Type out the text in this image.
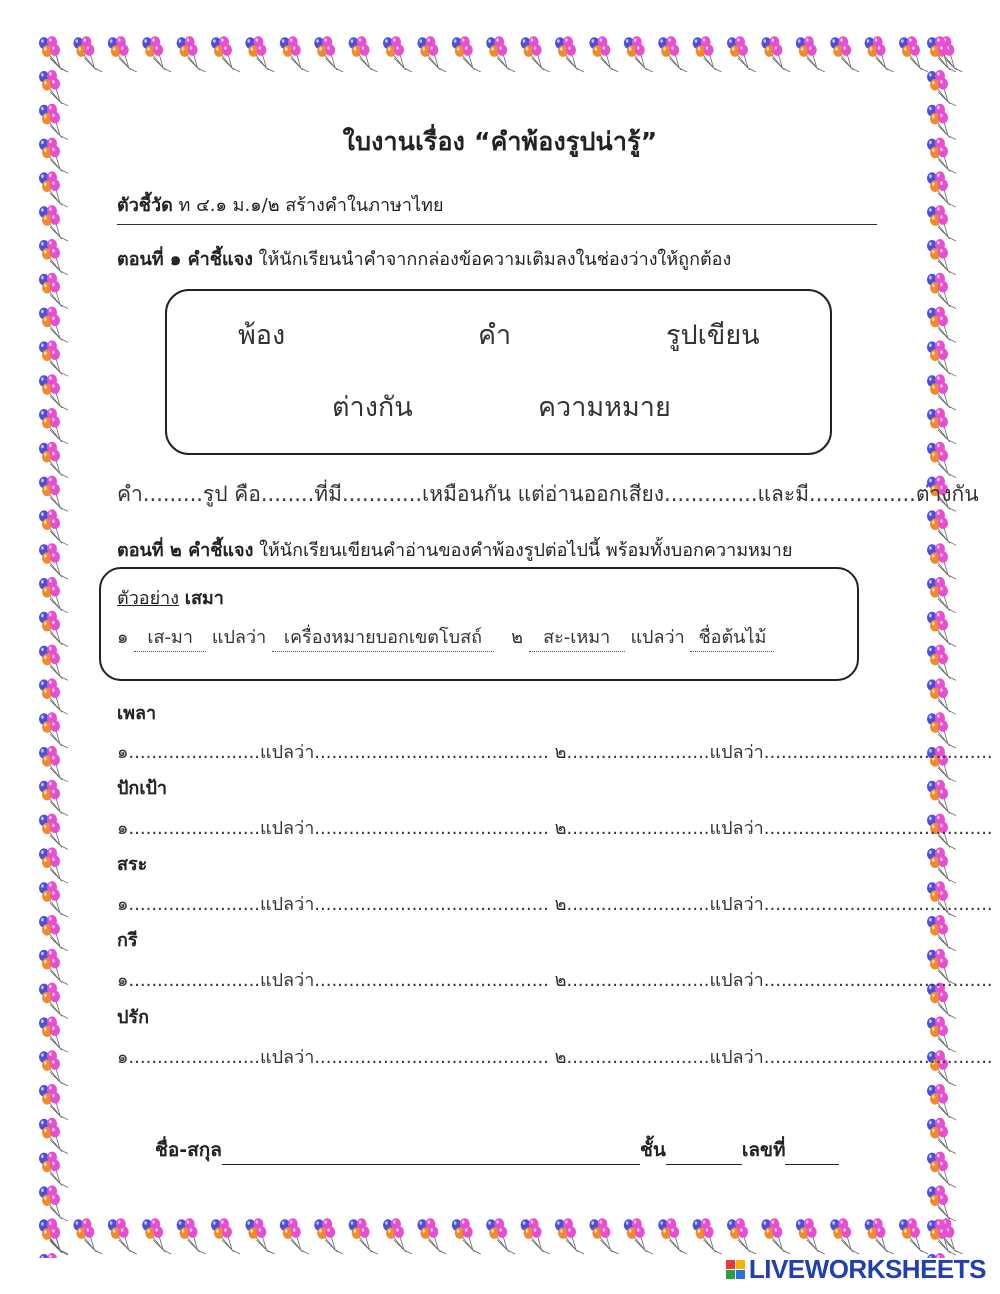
ใบงานเรื่อง “คำพ้องรูปน่ารู้”
ตัวชี้วัด ท ๔.๑ ม.๑/๒ สร้างคำในภาษาไทย
ตอนที่ ๑ คำชี้แจง ให้นักเรียนนำคำจากกล่องข้อความเติมลงในช่องว่างให้ถูกต้อง
พ้อง	คำ	รูปเขียน
ต่างกัน	ความหมาย
คำ.........รูป คือ........ที่มี............เหมือนกัน แต่อ่านออกเสียง..............และมี................ต่างกัน
ตอนที่ ๒ คำชี้แจง ให้นักเรียนเขียนคำอ่านของคำพ้องรูปต่อไปนี้ พร้อมทั้งบอกความหมาย
ตัวอย่าง เสมา
๑ เส-มา แปลว่า เครื่องหมายบอกเขตโบสถ์ ๒ สะ-เหมา แปลว่า ชื่อต้นไม้
เพลา
๑.......................แปลว่า......................................... ๒.........................แปลว่า........................................
ปักเป้า
๑.......................แปลว่า......................................... ๒.........................แปลว่า........................................
สระ
๑.......................แปลว่า......................................... ๒.........................แปลว่า........................................
กรี
๑.......................แปลว่า......................................... ๒.........................แปลว่า........................................
ปรัก
๑.......................แปลว่า......................................... ๒.........................แปลว่า........................................
ชื่อ-สกุล	ชั้น	เลขที่
LIVEWORKSHEETS
